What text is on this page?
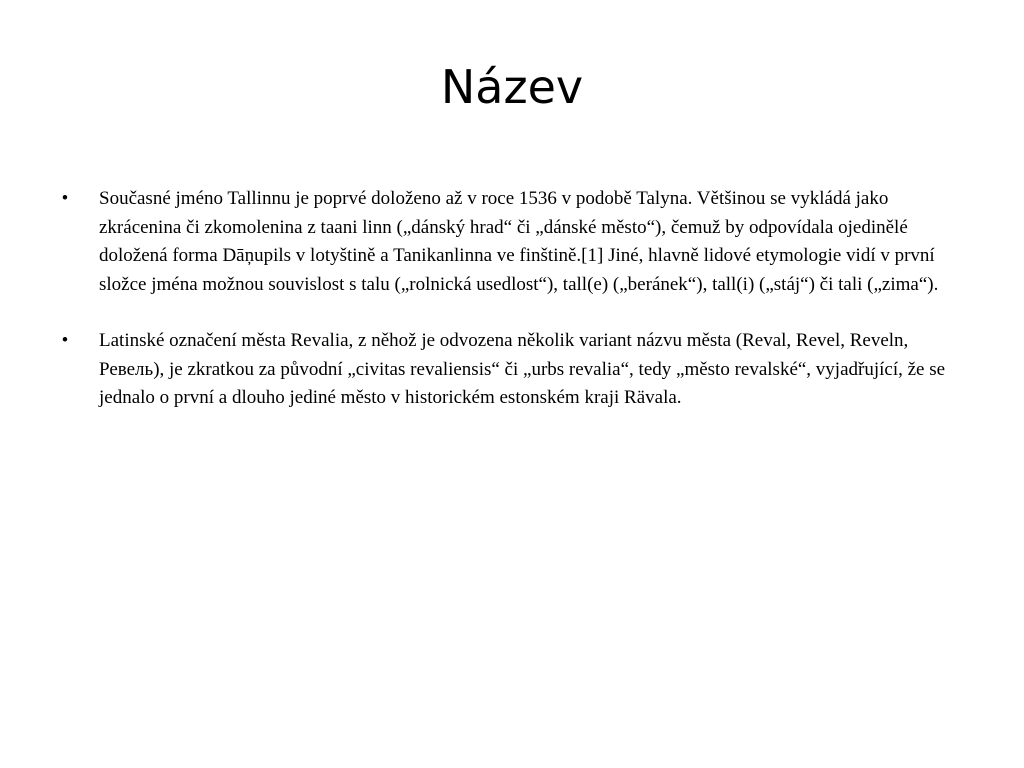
Název
• Současné jméno Tallinnu je poprvé doloženo až v roce 1536 v podobě Talyna. Většinou se vykládá jako zkrácenina či zkomolenina z taani linn („dánský hrad“ či „dánské město“), čemuž by odpovídala ojedinělé doložená forma Dāņupils v lotyštině a Tanikanlinna ve finštině.[1] Jiné, hlavně lidové etymologie vidí v první složce jména možnou souvislost s talu („rolnická usedlost“), tall(e) („beránek“), tall(i) („stáj“) či tali („zima“).
• Latinské označení města Revalia, z něhož je odvozena několik variant názvu města (Reval, Revel, Reveln, Ревель), je zkratkou za původní „civitas revaliensis“ či „urbs revalia“, tedy „město revalské“, vyjadřující, že se jednalo o první a dlouho jediné město v historickém estonském kraji Rävala.
